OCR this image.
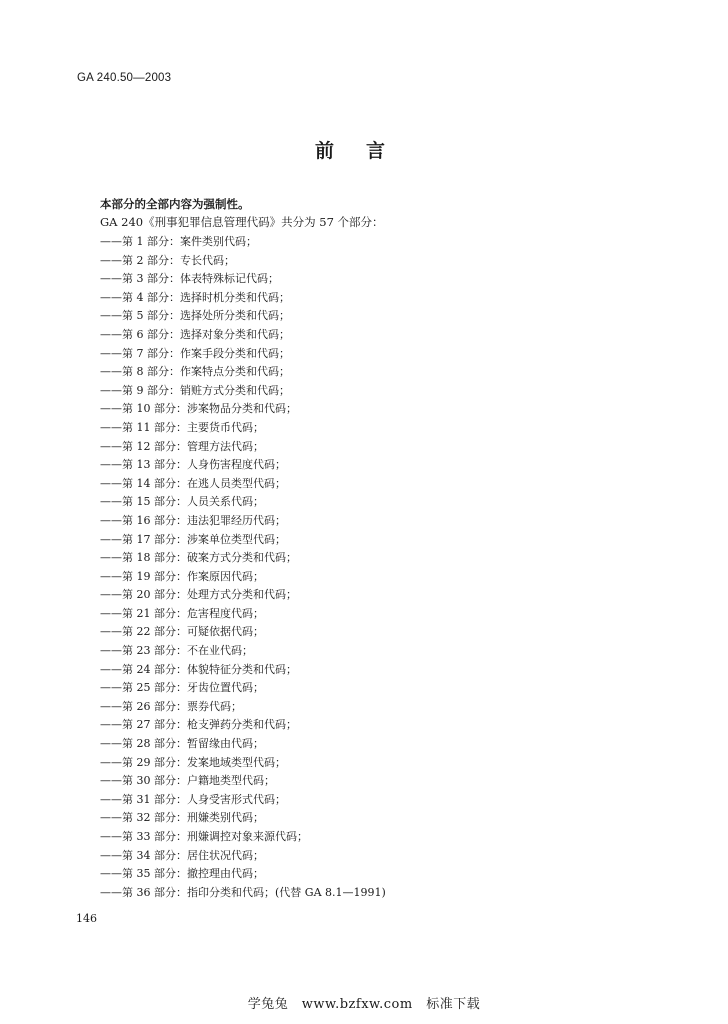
GA 240.50—2003
前 言
本部分的全部内容为强制性。
GA 240《刑事犯罪信息管理代码》共分为 57 个部分：
——第 1 部分：案件类别代码；
——第 2 部分：专长代码；
——第 3 部分：体表特殊标记代码；
——第 4 部分：选择时机分类和代码；
——第 5 部分：选择处所分类和代码；
——第 6 部分：选择对象分类和代码；
——第 7 部分：作案手段分类和代码；
——第 8 部分：作案特点分类和代码；
——第 9 部分：销赃方式分类和代码；
——第 10 部分：涉案物品分类和代码；
——第 11 部分：主要货币代码；
——第 12 部分：管理方法代码；
——第 13 部分：人身伤害程度代码；
——第 14 部分：在逃人员类型代码；
——第 15 部分：人员关系代码；
——第 16 部分：违法犯罪经历代码；
——第 17 部分：涉案单位类型代码；
——第 18 部分：破案方式分类和代码；
——第 19 部分：作案原因代码；
——第 20 部分：处理方式分类和代码；
——第 21 部分：危害程度代码；
——第 22 部分：可疑依据代码；
——第 23 部分：不在业代码；
——第 24 部分：体貌特征分类和代码；
——第 25 部分：牙齿位置代码；
——第 26 部分：票券代码；
——第 27 部分：枪支弹药分类和代码；
——第 28 部分：暂留缘由代码；
——第 29 部分：发案地域类型代码；
——第 30 部分：户籍地类型代码；
——第 31 部分：人身受害形式代码；
——第 32 部分：刑嫌类别代码；
——第 33 部分：刑嫌调控对象来源代码；
——第 34 部分：居住状况代码；
——第 35 部分：撤控理由代码；
——第 36 部分：指印分类和代码；(代替 GA 8.1—1991)
146
学兔兔　www.bzfxw.com　标准下载
